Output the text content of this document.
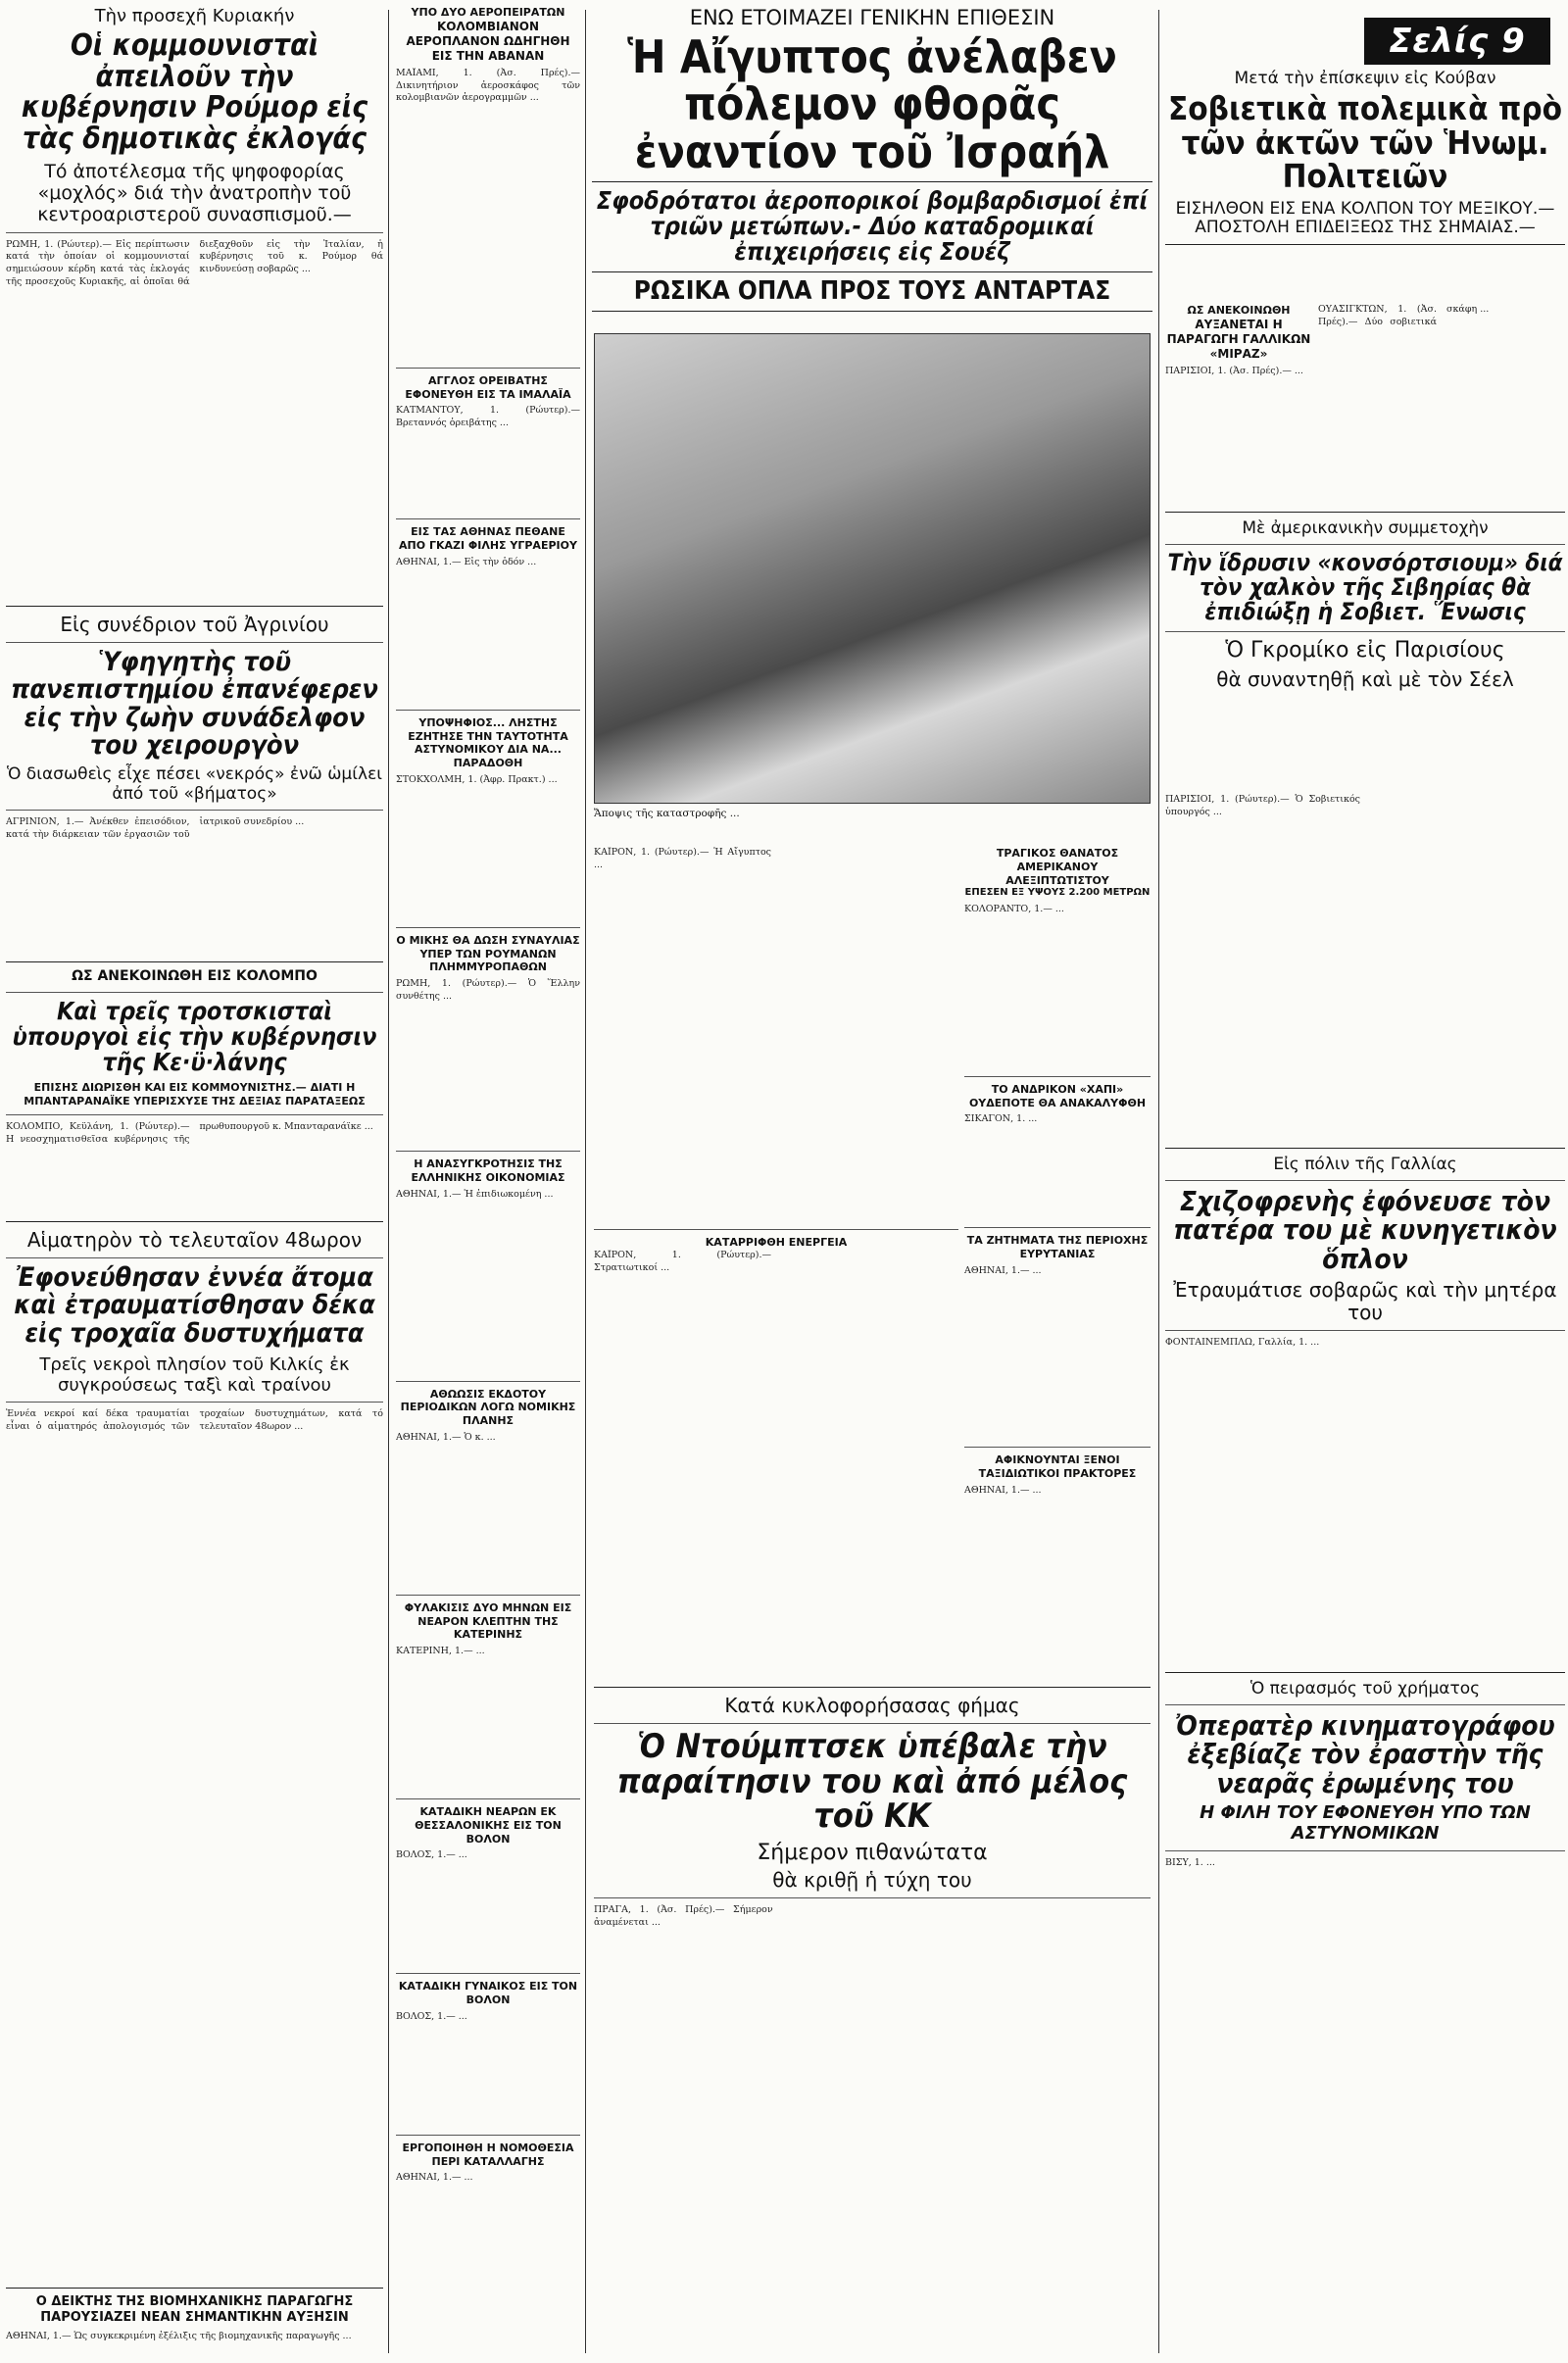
Τὴν προσεχῆ Κυριακήν
Οἱ κομμουνισταὶ ἀπειλοῦν τὴν κυβέρνησιν Ρούμορ εἰς τὰς δημοτικὰς ἐκλογάς
Τό ἀποτέλεσμα τῆς ψηφοφορίας «μοχλός» διά τὴν ἀνατροπὴν τοῦ κεντροαριστεροῦ συνασπισμοῦ.—
ΡΩΜΗ, 1. (Ρώυτερ).— Εἰς περίπτωσιν κατά τὴν ὁποίαν οἱ κομμουνισταί σημειώσουν κέρδη κατά τὰς ἐκλογάς τῆς προσεχοῦς Κυριακῆς, αἱ ὁποῖαι θά διεξαχθοῦν εἰς τὴν Ἰταλίαν, ἡ κυβέρνησις τοῦ κ. Ρούμορ θά κινδυνεύσῃ σοβαρῶς ...
Εἰς συνέδριον τοῦ Ἀγρινίου
Ὑφηγητὴς τοῦ πανεπιστημίου ἐπανέφερεν εἰς τὴν ζωὴν συνάδελφον του χειρουργὸν
Ὁ διασωθεὶς εἶχε πέσει «νεκρός» ἐνῶ ὡμίλει ἀπό τοῦ «βήματος»
ΑΓΡΙΝΙΟΝ, 1.— Ἀνέκθεν ἐπεισόδιον, κατά τὴν διάρκειαν τῶν ἐργασιῶν τοῦ ἰατρικοῦ συνεδρίου ...
ΩΣ ΑΝΕΚΟΙΝΩΘΗ ΕΙΣ ΚΟΛΟΜΠΟ
Καὶ τρεῖς τροτσκισταὶ ὑπουργοὶ εἰς τὴν κυβέρνησιν τῆς Κε·ϋ·λάνης
ΕΠΙΣΗΣ ΔΙΩΡΙΣΘΗ ΚΑΙ ΕΙΣ ΚΟΜΜΟΥΝΙΣΤΗΣ.— ΔΙΑΤΙ Η ΜΠΑΝΤΑΡΑΝΑΪΚΕ ΥΠΕΡΙΣΧΥΣΕ ΤΗΣ ΔΕΞΙΑΣ ΠΑΡΑΤΑΞΕΩΣ
ΚΟΛΟΜΠΟ, Κεϋλάνη, 1. (Ρώυτερ).— Η νεοσχηματισθεῖσα κυβέρνησις τῆς πρωθυπουργοῦ κ. Μπανταρανάϊκε ...
Αἱματηρὸν τὸ τελευταῖον 48ωρον
Ἐφονεύθησαν ἐννέα ἄτομα καὶ ἐτραυματίσθησαν δέκα εἰς τροχαῖα δυστυχήματα
Τρεῖς νεκροὶ πλησίον τοῦ Κιλκίς ἐκ συγκρούσεως ταξὶ καὶ τραίνου
Ἐννέα νεκροί καί δέκα τραυματίαι εἶναι ὁ αἱματηρός ἀπολογισμός τῶν τροχαίων δυστυχημάτων, κατά τό τελευταῖον 48ωρον ...
Ο ΔΕΙΚΤΗΣ ΤΗΣ ΒΙΟΜΗΧΑΝΙΚΗΣ ΠΑΡΑΓΩΓΗΣ ΠΑΡΟΥΣΙΑΖΕΙ ΝΕΑΝ ΣΗΜΑΝΤΙΚΗΝ ΑΥΞΗΣΙΝ
ΑΘΗΝΑΙ, 1.— Ὡς συγκεκριμένη ἐξέλιξις τῆς βιομηχανικῆς παραγωγῆς ...
ΥΠΟ ΔΥΟ ΑΕΡΟΠΕΙΡΑΤΩΝ
ΚΟΛΟΜΒΙΑΝΟΝ ΑΕΡΟΠΛΑΝΟΝ ΩΔΗΓΗΘΗ ΕΙΣ ΤΗΝ ΑΒΑΝΑΝ
ΜΑΪΑΜΙ, 1. (Ἀσ. Πρές).— Δικινητήριον ἀεροσκάφος τῶν κολομβιανῶν ἀερογραμμῶν ...
ΑΓΓΛΟΣ ΟΡΕΙΒΑΤΗΣ ΕΦΟΝΕΥΘΗ ΕΙΣ ΤΑ ΙΜΑΛΑΪΑ
ΚΑΤΜΑΝΤΟΥ, 1. (Ρώυτερ).— Βρεταννός ὀρειβάτης ...
ΕΙΣ ΤΑΣ ΑΘΗΝΑΣ ΠΕΘΑΝΕ ΑΠΟ ΓΚΑΖΙ ΦΙΛΗΣ ΥΓΡΑΕΡΙΟΥ
ΑΘΗΝΑΙ, 1.— Εἰς τὴν ὁδόν ...
ΥΠΟΨΗΦΙΟΣ... ΛΗΣΤΗΣ ΕΖΗΤΗΣΕ ΤΗΝ ΤΑΥΤΟΤΗΤΑ ΑΣΤΥΝΟΜΙΚΟΥ ΔΙΑ ΝΑ... ΠΑΡΑΔΟΘΗ
ΣΤΟΚΧΟΛΜΗ, 1. (Ἀφρ. Πρακτ.) ...
Ο ΜΙΚΗΣ ΘΑ ΔΩΣΗ ΣΥΝΑΥΛΙΑΣ ΥΠΕΡ ΤΩΝ ΡΟΥΜΑΝΩΝ ΠΛΗΜΜΥΡΟΠΑΘΩΝ
ΡΩΜΗ, 1. (Ρώυτερ).— Ὁ Ἕλλην συνθέτης ...
Η ΑΝΑΣΥΓΚΡΟΤΗΣΙΣ ΤΗΣ ΕΛΛΗΝΙΚΗΣ ΟΙΚΟΝΟΜΙΑΣ
ΑΘΗΝΑΙ, 1.— Ἡ ἐπιδιωκομένη ...
ΑΘΩΩΣΙΣ ΕΚΔΟΤΟΥ ΠΕΡΙΟΔΙΚΩΝ ΛΟΓΩ ΝΟΜΙΚΗΣ ΠΛΑΝΗΣ
ΑΘΗΝΑΙ, 1.— Ὁ κ. ...
ΦΥΛΑΚΙΣΙΣ ΔΥΟ ΜΗΝΩΝ ΕΙΣ ΝΕΑΡΟΝ ΚΛΕΠΤΗΝ ΤΗΣ ΚΑΤΕΡΙΝΗΣ
ΚΑΤΕΡΙΝΗ, 1.— ...
ΚΑΤΑΔΙΚΗ ΝΕΑΡΩΝ ΕΚ ΘΕΣΣΑΛΟΝΙΚΗΣ ΕΙΣ ΤΟΝ ΒΟΛΟΝ
ΒΟΛΟΣ, 1.— ...
ΚΑΤΑΔΙΚΗ ΓΥΝΑΙΚΟΣ ΕΙΣ ΤΟΝ ΒΟΛΟΝ
ΒΟΛΟΣ, 1.— ...
ΕΡΓΟΠΟΙΗΘΗ Η ΝΟΜΟΘΕΣΙΑ ΠΕΡΙ ΚΑΤΑΛΛΑΓΗΣ
ΑΘΗΝΑΙ, 1.— ...
ΕΝΩ ΕΤΟΙΜΑΖΕΙ ΓΕΝΙΚΗΝ ΕΠΙΘΕΣΙΝ
Ἡ Αἴγυπτος ἀνέλαβεν πόλεμον φθορᾶς ἐναντίον τοῦ Ἰσραήλ
Σφοδρότατοι ἀεροπορικοί βομβαρδισμοί ἐπί τριῶν μετώπων.- Δύο καταδρομικαί ἐπιχειρήσεις εἰς Σουέζ
ΡΩΣΙΚΑ ΟΠΛΑ ΠΡΟΣ ΤΟΥΣ ΑΝΤΑΡΤΑΣ
Ἄποψις τῆς καταστροφῆς ...
ΚΑΪΡΟΝ, 1. (Ρώυτερ).— Ἡ Αἴγυπτος ...
ΤΡΑΓΙΚΟΣ ΘΑΝΑΤΟΣ ΑΜΕΡΙΚΑΝΟΥ ΑΛΕΞΙΠΤΩΤΙΣΤΟΥ
ΕΠΕΣΕΝ ΕΞ ΥΨΟΥΣ 2.200 ΜΕΤΡΩΝ
ΚΟΛΟΡΑΝΤΟ, 1.— ...
ΤΟ ΑΝΔΡΙΚΟΝ «ΧΑΠΙ» ΟΥΔΕΠΟΤΕ ΘΑ ΑΝΑΚΑΛΥΦΘΗ
ΣΙΚΑΓΟΝ, 1. ...
ΤΑ ΖΗΤΗΜΑΤΑ ΤΗΣ ΠΕΡΙΟΧΗΣ ΕΥΡΥΤΑΝΙΑΣ
ΑΘΗΝΑΙ, 1.— ...
ΚΑΤΑΡΡΙΦΘΗ ΕΝΕΡΓΕΙΑ
ΚΑΪΡΟΝ, 1. (Ρώυτερ).— Στρατιωτικοί ...
ΑΦΙΚΝΟΥΝΤΑΙ ΞΕΝΟΙ ΤΑΞΙΔΙΩΤΙΚΟΙ ΠΡΑΚΤΟΡΕΣ
ΑΘΗΝΑΙ, 1.— ...
Κατά κυκλοφορήσασας φήμας
Ὁ Ντούμπτσεκ ὑπέβαλε τὴν παραίτησιν του καὶ ἀπό μέλος τοῦ ΚΚ
Σήμερον πιθανώτατα
θὰ κριθῇ ἡ τύχη του
ΠΡΑΓΑ, 1. (Ἀσ. Πρές).— Σήμερον ἀναμένεται ...
Μετά τὴν ἐπίσκεψιν εἰς Κούβαν
Σοβιετικὰ πολεμικὰ πρὸ τῶν ἀκτῶν τῶν Ἡνωμ. Πολιτειῶν
ΕΙΣΗΛΘΟΝ ΕΙΣ ΕΝΑ ΚΟΛΠΟΝ ΤΟΥ ΜΕΞΙΚΟΥ.— ΑΠΟΣΤΟΛΗ ΕΠΙΔΕΙΞΕΩΣ ΤΗΣ ΣΗΜΑΙΑΣ.—
ΩΣ ΑΝΕΚΟΙΝΩΘΗ
ΑΥΞΑΝΕΤΑΙ Η ΠΑΡΑΓΩΓΗ ΓΑΛΛΙΚΩΝ «ΜΙΡΑΖ»
ΠΑΡΙΣΙΟΙ, 1. (Ἀσ. Πρές).— ...
ΟΥΑΣΙΓΚΤΩΝ, 1. (Ἀσ. Πρές).— Δύο σοβιετικά σκάφη ...
Μὲ ἀμερικανικὴν συμμετοχὴν
Τὴν ἵδρυσιν «κονσόρτσιουμ» διά τὸν χαλκὸν τῆς Σιβηρίας θὰ ἐπιδιώξῃ ἡ Σοβιετ. Ἕνωσις
Ὁ Γκρομίκο εἰς Παρισίους
θὰ συναντηθῇ καὶ μὲ τὸν Σέελ
ΠΑΡΙΣΙΟΙ, 1. (Ρώυτερ).— Ὁ Σοβιετικός ὑπουργός ...
Εἰς πόλιν τῆς Γαλλίας
Σχιζοφρενὴς ἐφόνευσε τὸν πατέρα του μὲ κυνηγετικὸν ὅπλον
Ἐτραυμάτισε σοβαρῶς καὶ τὴν μητέρα του
ΦΟΝΤΑΙΝΕΜΠΛΩ, Γαλλία, 1. ...
Ὁ πειρασμός τοῦ χρήματος
Ὀπερατὲρ κινηματογράφου ἐξεβίαζε τὸν ἐραστὴν τῆς νεαρᾶς ἐρωμένης του
Η ΦΙΛΗ ΤΟΥ ΕΦΟΝΕΥΘΗ ΥΠΟ ΤΩΝ ΑΣΤΥΝΟΜΙΚΩΝ
ΒΙΣΥ, 1. ...
Σελίς 9
